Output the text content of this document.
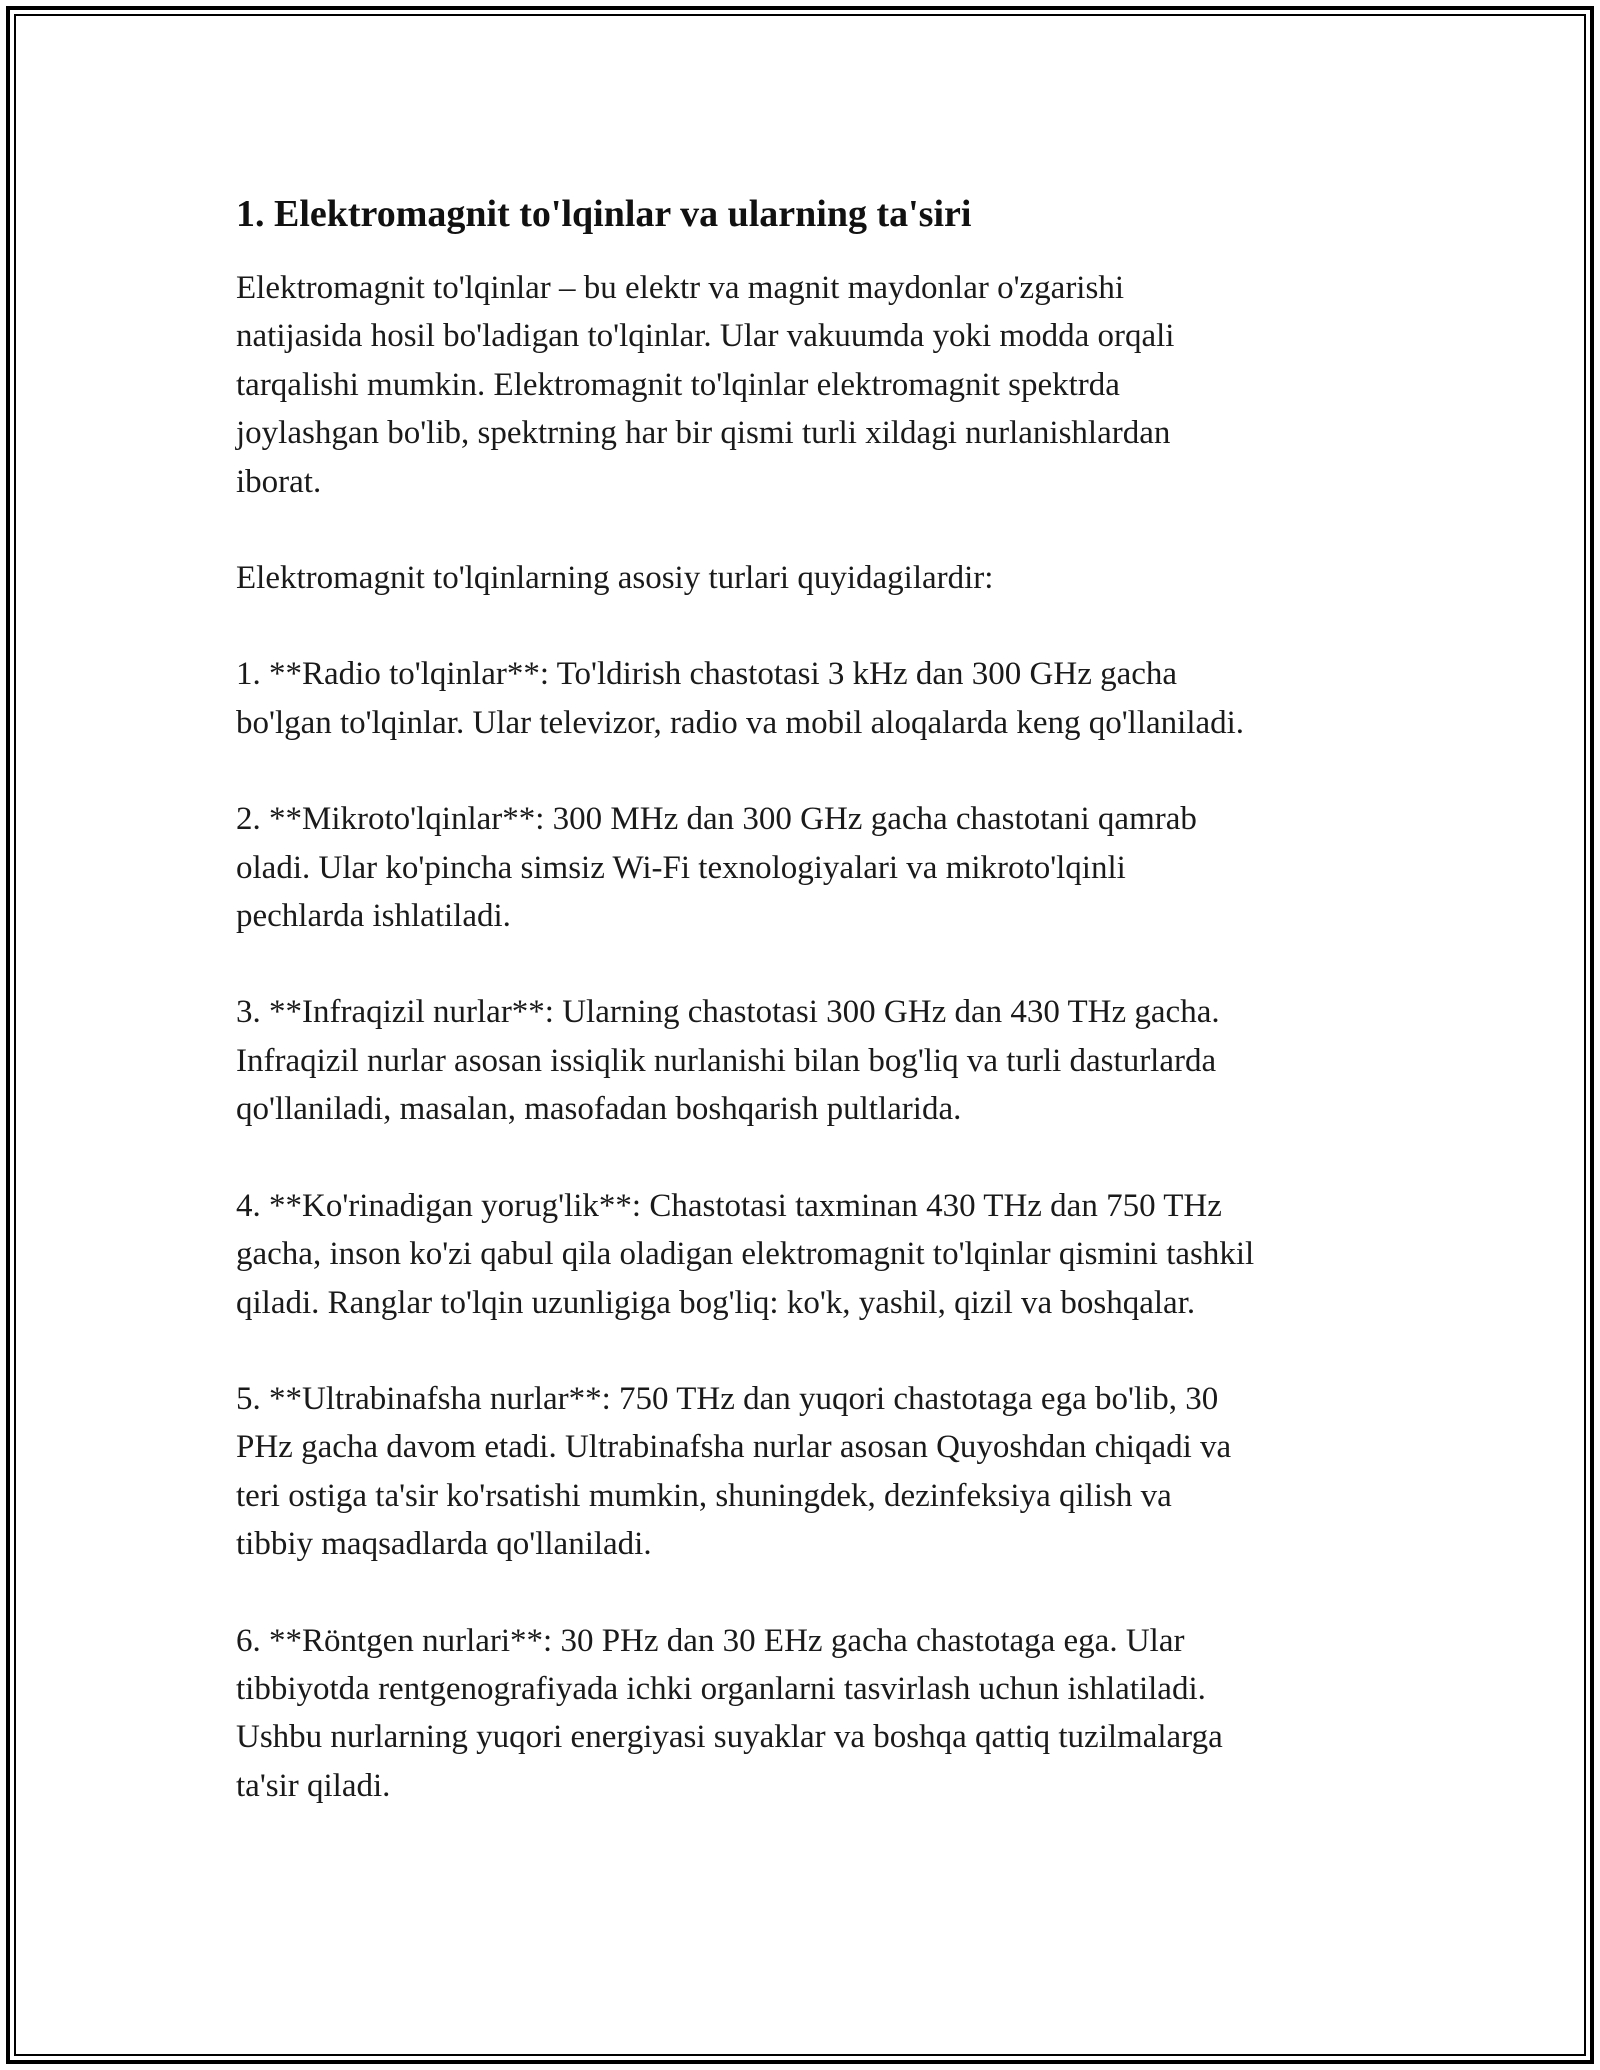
1. Elektromagnit to'lqinlar va ularning ta'siri

Elektromagnit to'lqinlar – bu elektr va magnit maydonlar o'zgarishi
natijasida hosil bo'ladigan to'lqinlar. Ular vakuumda yoki modda orqali
tarqalishi mumkin. Elektromagnit to'lqinlar elektromagnit spektrda
joylashgan bo'lib, spektrning har bir qismi turli xildagi nurlanishlardan
iborat.

Elektromagnit to'lqinlarning asosiy turlari quyidagilardir:

1. **Radio to'lqinlar**: To'ldirish chastotasi 3 kHz dan 300 GHz gacha
bo'lgan to'lqinlar. Ular televizor, radio va mobil aloqalarda keng qo'llaniladi.

2. **Mikroto'lqinlar**: 300 MHz dan 300 GHz gacha chastotani qamrab
oladi. Ular ko'pincha simsiz Wi-Fi texnologiyalari va mikroto'lqinli
pechlarda ishlatiladi.

3. **Infraqizil nurlar**: Ularning chastotasi 300 GHz dan 430 THz gacha.
Infraqizil nurlar asosan issiqlik nurlanishi bilan bog'liq va turli dasturlarda
qo'llaniladi, masalan, masofadan boshqarish pultlarida.

4. **Ko'rinadigan yorug'lik**: Chastotasi taxminan 430 THz dan 750 THz
gacha, inson ko'zi qabul qila oladigan elektromagnit to'lqinlar qismini tashkil
qiladi. Ranglar to'lqin uzunligiga bog'liq: ko'k, yashil, qizil va boshqalar.

5. **Ultrabinafsha nurlar**: 750 THz dan yuqori chastotaga ega bo'lib, 30
PHz gacha davom etadi. Ultrabinafsha nurlar asosan Quyoshdan chiqadi va
teri ostiga ta'sir ko'rsatishi mumkin, shuningdek, dezinfeksiya qilish va
tibbiy maqsadlarda qo'llaniladi.

6. **Röntgen nurlari**: 30 PHz dan 30 EHz gacha chastotaga ega. Ular
tibbiyotda rentgenografiyada ichki organlarni tasvirlash uchun ishlatiladi.
Ushbu nurlarning yuqori energiyasi suyaklar va boshqa qattiq tuzilmalarga
ta'sir qiladi.
